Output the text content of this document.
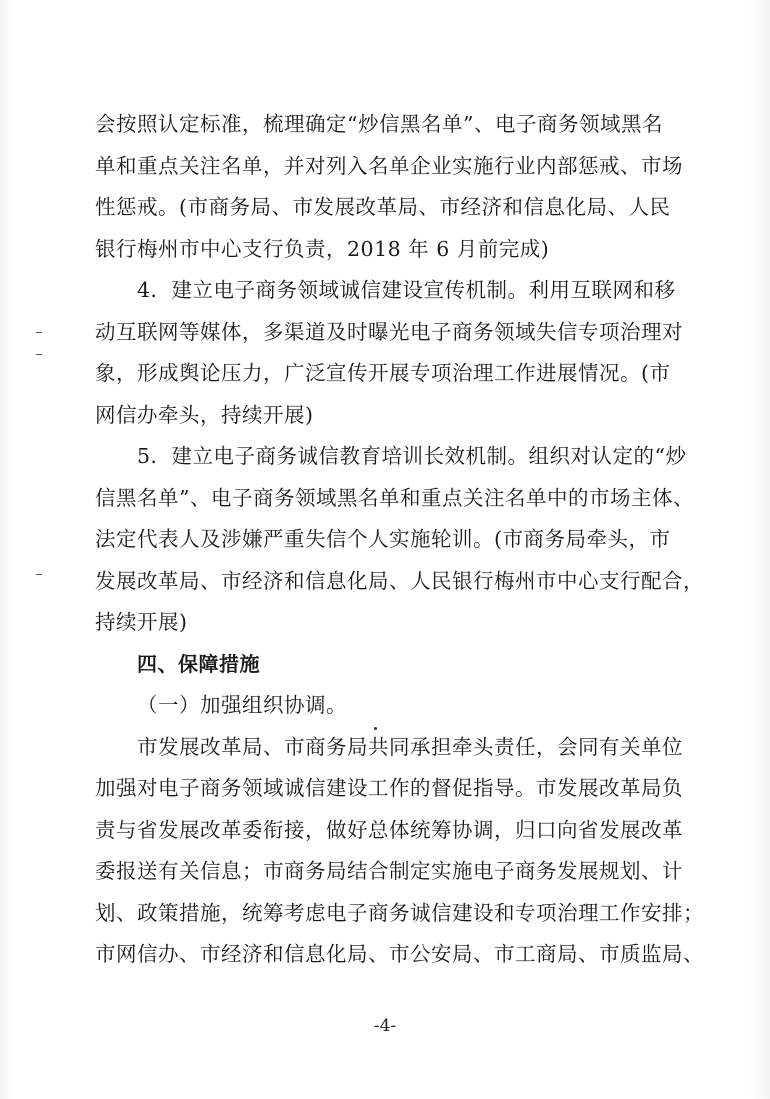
会按照认定标准，梳理确定“炒信黑名单”、电子商务领域黑名
单和重点关注名单，并对列入名单企业实施行业内部惩戒、市场
性惩戒。(市商务局、市发展改革局、市经济和信息化局、人民
银行梅州市中心支行负责，2018 年 6 月前完成)
4．建立电子商务领域诚信建设宣传机制。利用互联网和移
动互联网等媒体，多渠道及时曝光电子商务领域失信专项治理对
象，形成舆论压力，广泛宣传开展专项治理工作进展情况。(市
网信办牵头，持续开展)
5．建立电子商务诚信教育培训长效机制。组织对认定的“炒
信黑名单”、电子商务领域黑名单和重点关注名单中的市场主体、
法定代表人及涉嫌严重失信个人实施轮训。(市商务局牵头，市
发展改革局、市经济和信息化局、人民银行梅州市中心支行配合，
持续开展)
四、保障措施
（一）加强组织协调。
市发展改革局、市商务局共同承担牵头责任，会同有关单位
加强对电子商务领域诚信建设工作的督促指导。市发展改革局负
责与省发展改革委衔接，做好总体统筹协调，归口向省发展改革
委报送有关信息；市商务局结合制定实施电子商务发展规划、计
划、政策措施，统筹考虑电子商务诚信建设和专项治理工作安排；
市网信办、市经济和信息化局、市公安局、市工商局、市质监局、
-4-
